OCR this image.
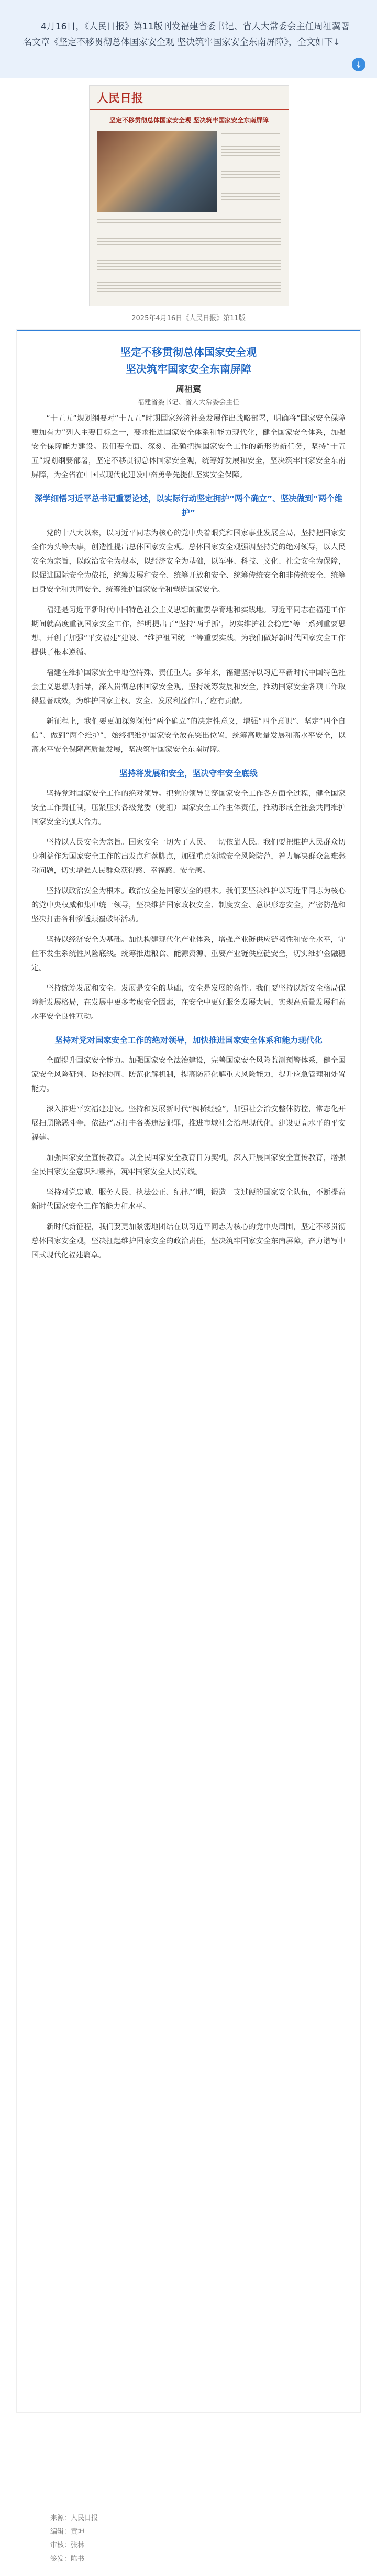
4月16日，《人民日报》第11版刊发福建省委书记、省人大常委会主任周祖翼署名文章《坚定不移贯彻总体国家安全观 坚决筑牢国家安全东南屏障》，全文如下↓

↓
人民日报
坚定不移贯彻总体国家安全观 坚决筑牢国家安全东南屏障
2025年4月16日《人民日报》第11版
坚定不移贯彻总体国家安全观
坚决筑牢国家安全东南屏障
周祖翼
福建省委书记、省人大常委会主任

“十五五”规划纲要对“十五五”时期国家经济社会发展作出战略部署，明确将“国家安全保障更加有力”列入主要目标之一，要求推进国家安全体系和能力现代化，健全国家安全体系，加强安全保障能力建设。我们要全面、深刻、准确把握国家安全工作的新形势新任务，坚持“十五五”规划纲要部署，坚定不移贯彻总体国家安全观，统筹好发展和安全，坚决筑牢国家安全东南屏障，为全省在中国式现代化建设中奋勇争先提供坚实安全保障。

深学细悟习近平总书记重要论述，以实际行动坚定拥护“两个确立”、坚决做到“两个维护”

党的十八大以来，以习近平同志为核心的党中央着眼党和国家事业发展全局，坚持把国家安全作为头等大事，创造性提出总体国家安全观。总体国家安全观强调坚持党的绝对领导，以人民安全为宗旨，以政治安全为根本，以经济安全为基础，以军事、科技、文化、社会安全为保障，以促进国际安全为依托，统筹发展和安全、统筹开放和安全、统筹传统安全和非传统安全、统筹自身安全和共同安全、统筹维护国家安全和塑造国家安全。

福建是习近平新时代中国特色社会主义思想的重要孕育地和实践地。习近平同志在福建工作期间就高度重视国家安全工作，鲜明提出了“坚持‘两手抓’，切实维护社会稳定”等一系列重要思想，开创了加强“平安福建”建设、“维护祖国统一”等重要实践，为我们做好新时代国家安全工作提供了根本遵循。

福建在维护国家安全中地位特殊、责任重大。多年来，福建坚持以习近平新时代中国特色社会主义思想为指导，深入贯彻总体国家安全观，坚持统筹发展和安全，推动国家安全各项工作取得显著成效，为维护国家主权、安全、发展利益作出了应有贡献。

新征程上，我们要更加深刻领悟“两个确立”的决定性意义，增强“四个意识”、坚定“四个自信”、做到“两个维护”，始终把维护国家安全放在突出位置，统筹高质量发展和高水平安全，以高水平安全保障高质量发展，坚决筑牢国家安全东南屏障。

坚持将发展和安全，坚决守牢安全底线

坚持党对国家安全工作的绝对领导。把党的领导贯穿国家安全工作各方面全过程，健全国家安全工作责任制，压紧压实各级党委（党组）国家安全工作主体责任，推动形成全社会共同维护国家安全的强大合力。

坚持以人民安全为宗旨。国家安全一切为了人民、一切依靠人民。我们要把维护人民群众切身利益作为国家安全工作的出发点和落脚点，加强重点领域安全风险防范，着力解决群众急难愁盼问题，切实增强人民群众获得感、幸福感、安全感。

坚持以政治安全为根本。政治安全是国家安全的根本。我们要坚决维护以习近平同志为核心的党中央权威和集中统一领导，坚决维护国家政权安全、制度安全、意识形态安全，严密防范和坚决打击各种渗透颠覆破坏活动。

坚持以经济安全为基础。加快构建现代化产业体系，增强产业链供应链韧性和安全水平，守住不发生系统性风险底线。统筹推进粮食、能源资源、重要产业链供应链安全，切实维护金融稳定。

坚持统筹发展和安全。发展是安全的基础，安全是发展的条件。我们要坚持以新安全格局保障新发展格局，在发展中更多考虑安全因素，在安全中更好服务发展大局，实现高质量发展和高水平安全良性互动。

坚持对党对国家安全工作的绝对领导，加快推进国家安全体系和能力现代化

全面提升国家安全能力。加强国家安全法治建设，完善国家安全风险监测预警体系，健全国家安全风险研判、防控协同、防范化解机制，提高防范化解重大风险能力，提升应急管理和处置能力。

深入推进平安福建建设。坚持和发展新时代“枫桥经验”，加强社会治安整体防控，常态化开展扫黑除恶斗争，依法严厉打击各类违法犯罪，推进市域社会治理现代化，建设更高水平的平安福建。

加强国家安全宣传教育。以全民国家安全教育日为契机，深入开展国家安全宣传教育，增强全民国家安全意识和素养，筑牢国家安全人民防线。

坚持对党忠诚、服务人民、执法公正、纪律严明，锻造一支过硬的国家安全队伍，不断提高新时代国家安全工作的能力和水平。

新时代新征程，我们要更加紧密地团结在以习近平同志为核心的党中央周围，坚定不移贯彻总体国家安全观，坚决扛起维护国家安全的政治责任，坚决筑牢国家安全东南屏障，奋力谱写中国式现代化福建篇章。

来源：人民日报
编辑：黄坤
审核：张林
签发：陈书
